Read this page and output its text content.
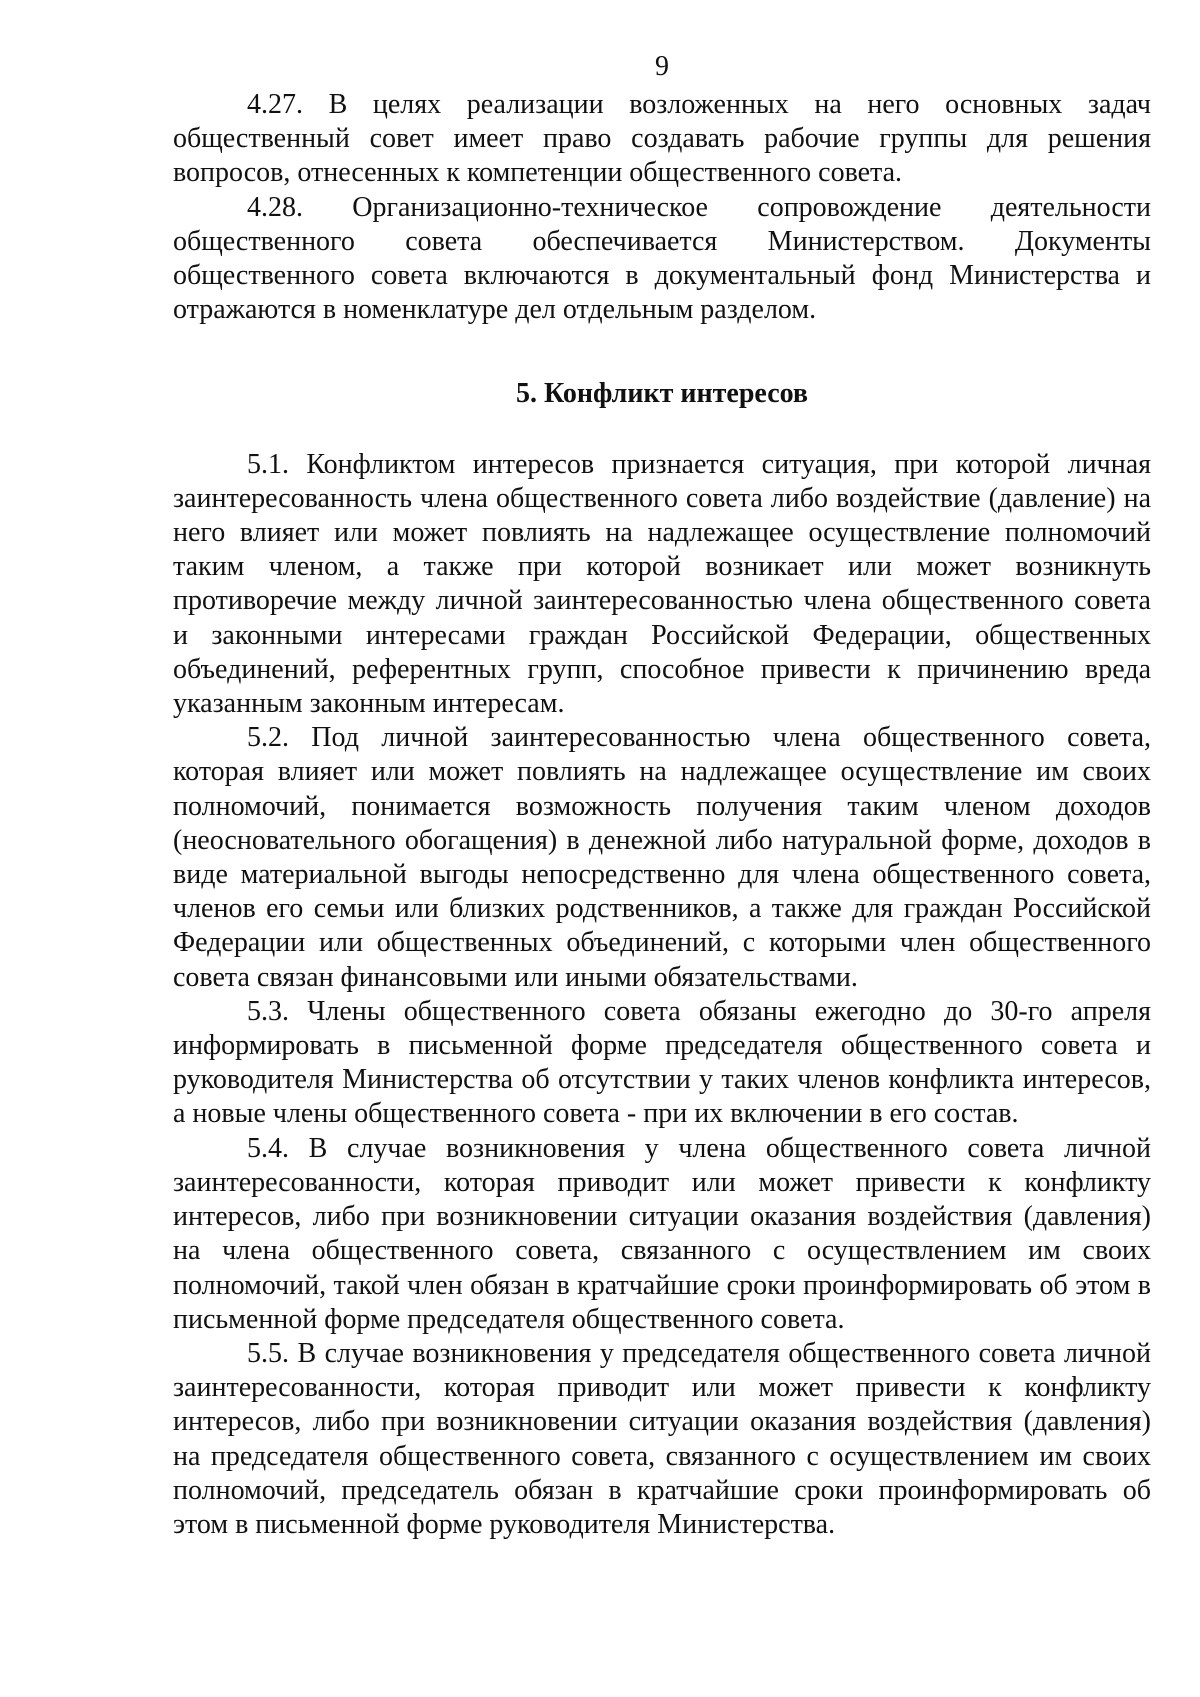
9

4.27. В целях реализации возложенных на него основных задач общественный совет имеет право создавать рабочие группы для решения вопросов, отнесенных к компетенции общественного совета.

4.28. Организационно-техническое сопровождение деятельности общественного совета обеспечивается Министерством. Документы общественного совета включаются в документальный фонд Министерства и отражаются в номенклатуре дел отдельным разделом.

5. Конфликт интересов

5.1. Конфликтом интересов признается ситуация, при которой личная заинтересованность члена общественного совета либо воздействие (давление) на него влияет или может повлиять на надлежащее осуществление полномочий таким членом, а также при которой возникает или может возникнуть противоречие между личной заинтересованностью члена общественного совета и законными интересами граждан Российской Федерации, общественных объединений, референтных групп, способное привести к причинению вреда указанным законным интересам.

5.2. Под личной заинтересованностью члена общественного совета, которая влияет или может повлиять на надлежащее осуществление им своих полномочий, понимается возможность получения таким членом доходов (неосновательного обогащения) в денежной либо натуральной форме, доходов в виде материальной выгоды непосредственно для члена общественного совета, членов его семьи или близких родственников, а также для граждан Российской Федерации или общественных объединений, с которыми член общественного совета связан финансовыми или иными обязательствами.

5.3. Члены общественного совета обязаны ежегодно до 30-го апреля информировать в письменной форме председателя общественного совета и руководителя Министерства об отсутствии у таких членов конфликта интересов, а новые члены общественного совета - при их включении в его состав.

5.4. В случае возникновения у члена общественного совета личной заинтересованности, которая приводит или может привести к конфликту интересов, либо при возникновении ситуации оказания воздействия (давления) на члена общественного совета, связанного с осуществлением им своих полномочий, такой член обязан в кратчайшие сроки проинформировать об этом в письменной форме председателя общественного совета.

5.5. В случае возникновения у председателя общественного совета личной заинтересованности, которая приводит или может привести к конфликту интересов, либо при возникновении ситуации оказания воздействия (давления) на председателя общественного совета, связанного с осуществлением им своих полномочий, председатель обязан в кратчайшие сроки проинформировать об этом в письменной форме руководителя Министерства.
